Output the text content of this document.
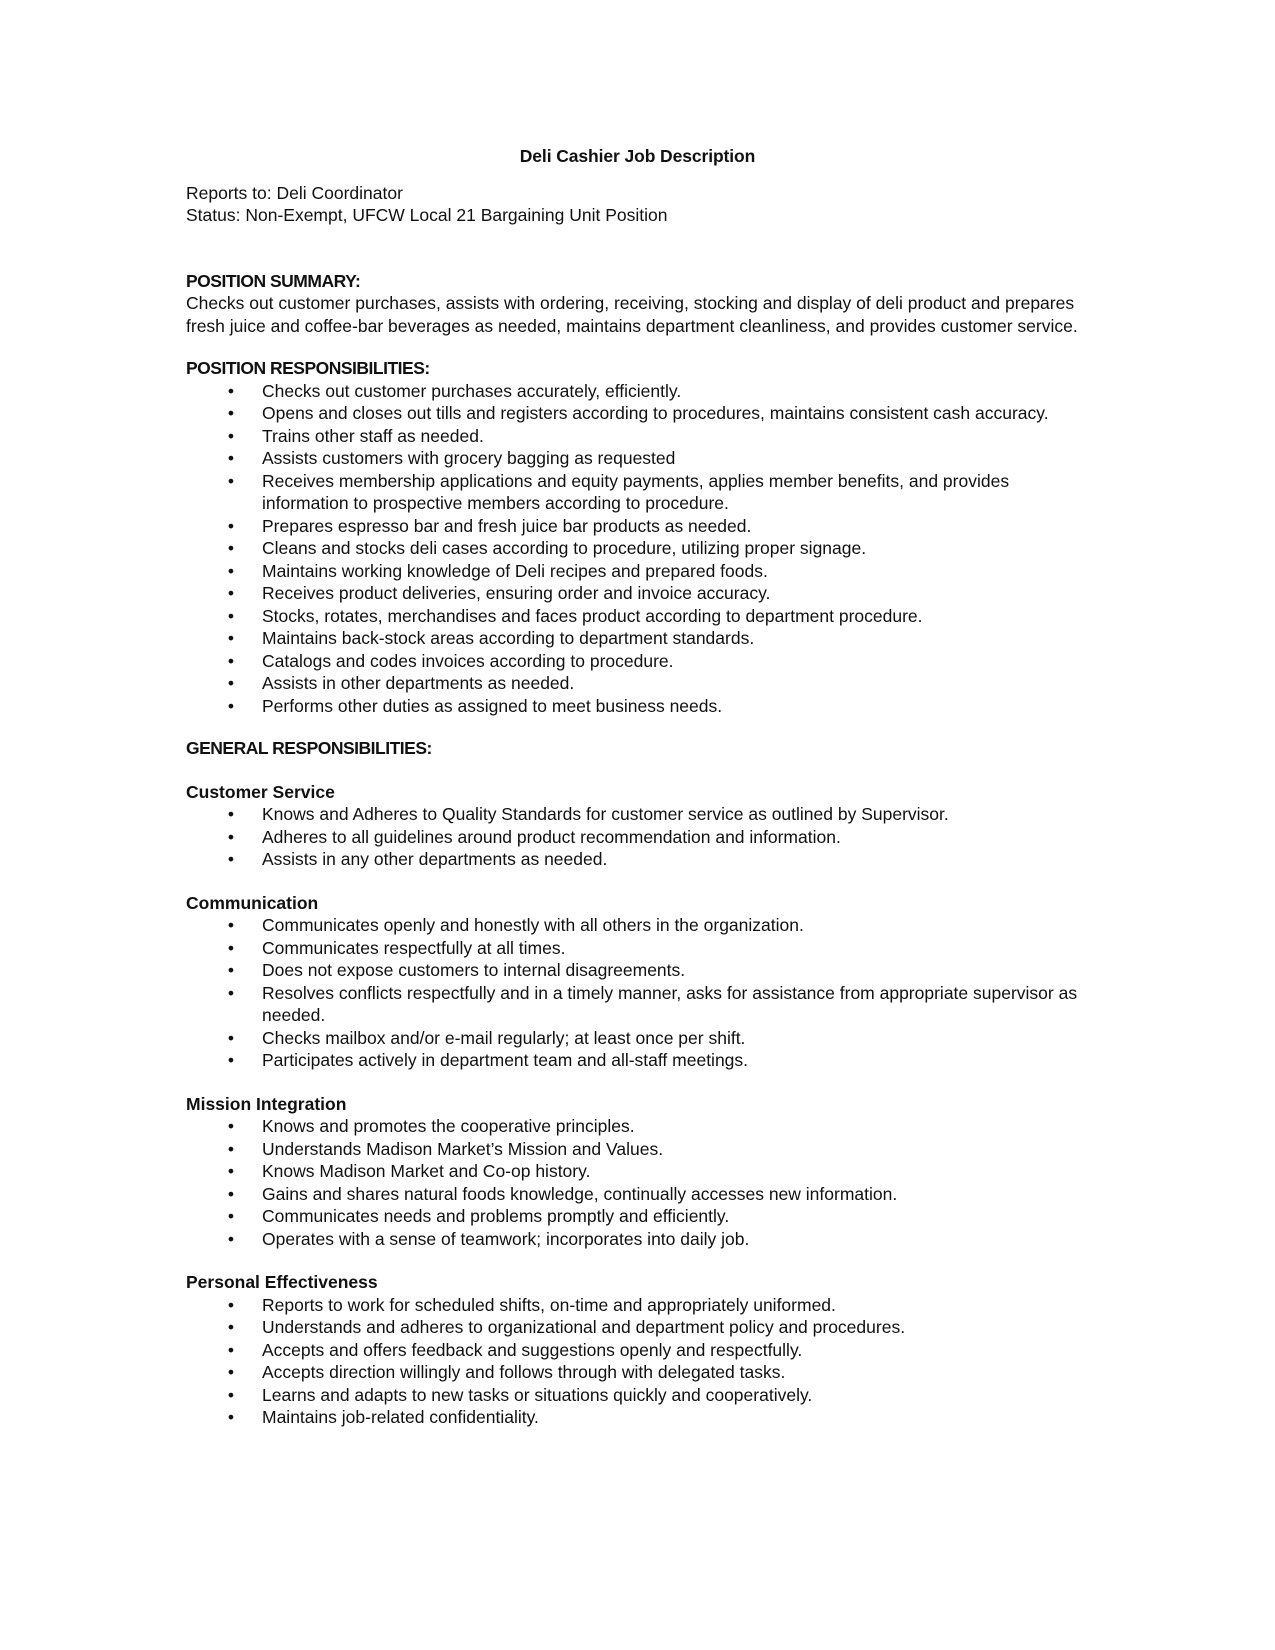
Deli Cashier Job Description
Reports to: Deli Coordinator
Status: Non-Exempt, UFCW Local 21 Bargaining Unit Position
POSITION SUMMARY:

Checks out customer purchases, assists with ordering, receiving, stocking and display of deli product and prepares fresh juice and coffee-bar beverages as needed, maintains department cleanliness, and provides customer service.

POSITION RESPONSIBILITIES:
• Checks out customer purchases accurately, efficiently.
• Opens and closes out tills and registers according to procedures, maintains consistent cash accuracy.
• Trains other staff as needed.
• Assists customers with grocery bagging as requested
• Receives membership applications and equity payments, applies member benefits, and provides information to prospective members according to procedure.
• Prepares espresso bar and fresh juice bar products as needed.
• Cleans and stocks deli cases according to procedure, utilizing proper signage.
• Maintains working knowledge of Deli recipes and prepared foods.
• Receives product deliveries, ensuring order and invoice accuracy.
• Stocks, rotates, merchandises and faces product according to department procedure.
• Maintains back-stock areas according to department standards.
• Catalogs and codes invoices according to procedure.
• Assists in other departments as needed.
• Performs other duties as assigned to meet business needs.
GENERAL RESPONSIBILITIES:
Customer Service
• Knows and Adheres to Quality Standards for customer service as outlined by Supervisor.
• Adheres to all guidelines around product recommendation and information.
• Assists in any other departments as needed.
Communication
• Communicates openly and honestly with all others in the organization.
• Communicates respectfully at all times.
• Does not expose customers to internal disagreements.
• Resolves conflicts respectfully and in a timely manner, asks for assistance from appropriate supervisor as needed.
• Checks mailbox and/or e-mail regularly; at least once per shift.
• Participates actively in department team and all-staff meetings.
Mission Integration
• Knows and promotes the cooperative principles.
• Understands Madison Market’s Mission and Values.
• Knows Madison Market and Co-op history.
• Gains and shares natural foods knowledge, continually accesses new information.
• Communicates needs and problems promptly and efficiently.
• Operates with a sense of teamwork; incorporates into daily job.
Personal Effectiveness
• Reports to work for scheduled shifts, on-time and appropriately uniformed.
• Understands and adheres to organizational and department policy and procedures.
• Accepts and offers feedback and suggestions openly and respectfully.
• Accepts direction willingly and follows through with delegated tasks.
• Learns and adapts to new tasks or situations quickly and cooperatively.
• Maintains job-related confidentiality.
